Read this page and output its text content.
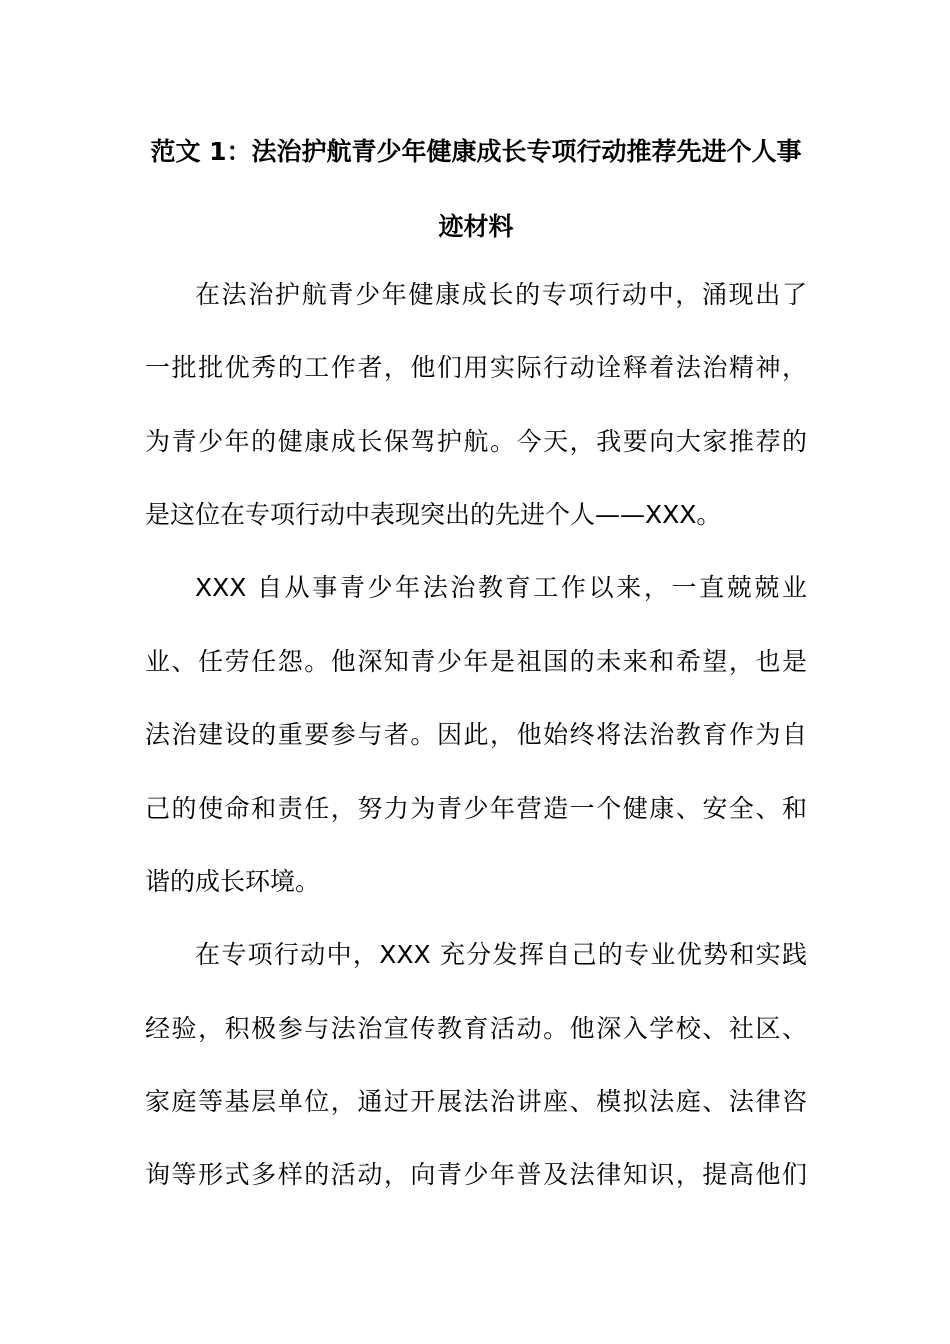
范文 1：法治护航青少年健康成长专项行动推荐先进个人事
迹材料
在法治护航青少年健康成长的专项行动中，涌现出了
一批批优秀的工作者，他们用实际行动诠释着法治精神，
为青少年的健康成长保驾护航。今天，我要向大家推荐的
是这位在专项行动中表现突出的先进个人——XXX。
XXX 自从事青少年法治教育工作以来，一直兢兢业
业、任劳任怨。他深知青少年是祖国的未来和希望，也是
法治建设的重要参与者。因此，他始终将法治教育作为自
己的使命和责任，努力为青少年营造一个健康、安全、和
谐的成长环境。
在专项行动中，XXX 充分发挥自己的专业优势和实践
经验，积极参与法治宣传教育活动。他深入学校、社区、
家庭等基层单位，通过开展法治讲座、模拟法庭、法律咨
询等形式多样的活动，向青少年普及法律知识，提高他们
